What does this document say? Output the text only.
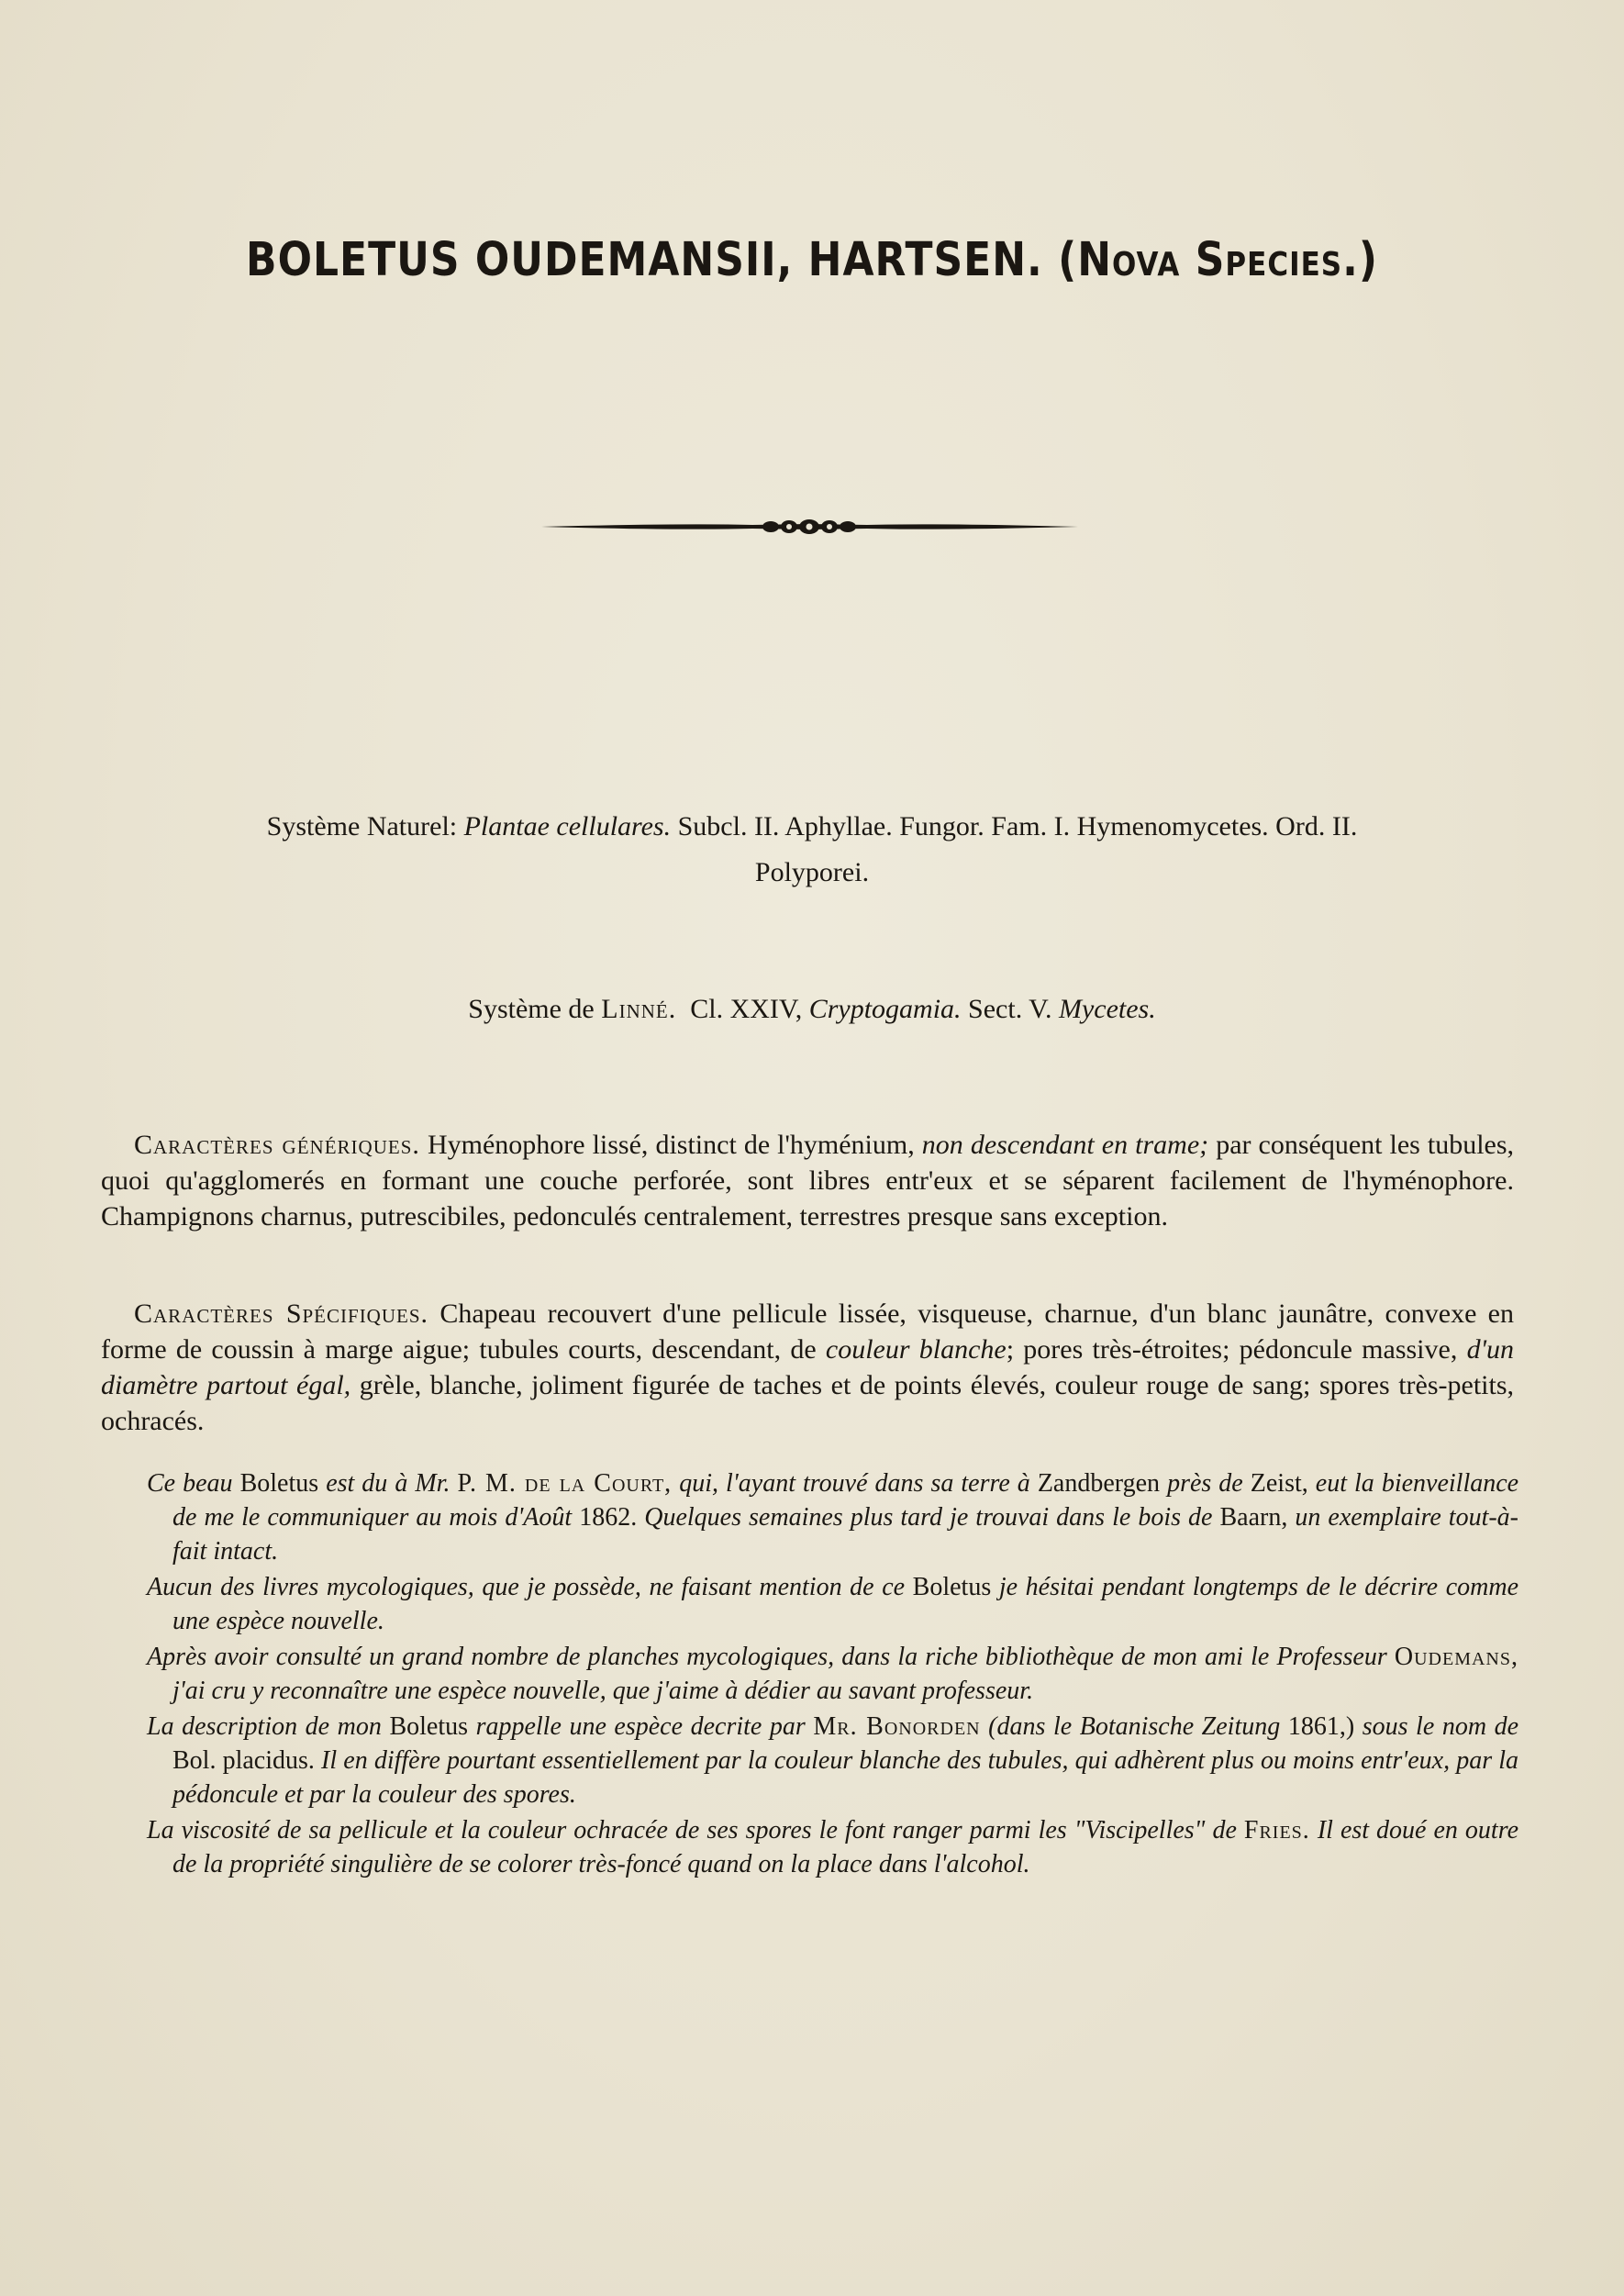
BOLETUS OUDEMANSII, HARTSEN. (Nova Species.)
Système Naturel: Plantae cellulares. Subcl. II. Aphyllae. Fungor. Fam. I. Hymenomycetes. Ord. II.
Polyporei.
Système de Linné. Cl. XXIV, Cryptogamia. Sect. V. Mycetes.
Caractères génériques. Hyménophore lissé, distinct de l'hyménium, non descendant en trame; par conséquent les tubules, quoi qu'agglomerés en formant une couche perforée, sont libres entr'eux et se séparent facilement de l'hyménophore. Champignons charnus, putrescibiles, pedonculés centralement, terrestres presque sans exception.
Caractères Spécifiques. Chapeau recouvert d'une pellicule lissée, visqueuse, charnue, d'un blanc jaunâtre, convexe en forme de coussin à marge aigue; tubules courts, descendant, de couleur blanche; pores très-étroites; pédoncule massive, d'un diamètre partout égal, grèle, blanche, joliment figurée de taches et de points élevés, couleur rouge de sang; spores très-petits, ochracés.

Ce beau Boletus est du à Mr. P. M. de la Court, qui, l'ayant trouvé dans sa terre à Zandbergen près de Zeist, eut la bienveillance de me le communiquer au mois d'Août 1862. Quelques semaines plus tard je trouvai dans le bois de Baarn, un exemplaire tout-à-fait intact.

Aucun des livres mycologiques, que je possède, ne faisant mention de ce Boletus je hésitai pendant longtemps de le décrire comme une espèce nouvelle.

Après avoir consulté un grand nombre de planches mycologiques, dans la riche bibliothèque de mon ami le Professeur Oudemans, j'ai cru y reconnaître une espèce nouvelle, que j'aime à dédier au savant professeur.

La description de mon Boletus rappelle une espèce decrite par Mr. Bonorden (dans le Botanische Zeitung 1861,) sous le nom de Bol. placidus. Il en diffère pourtant essentiellement par la couleur blanche des tubules, qui adhèrent plus ou moins entr'eux, par la pédoncule et par la couleur des spores.

La viscosité de sa pellicule et la couleur ochracée de ses spores le font ranger parmi les "Viscipelles" de Fries. Il est doué en outre de la propriété singulière de se colorer très-foncé quand on la place dans l'alcohol.
